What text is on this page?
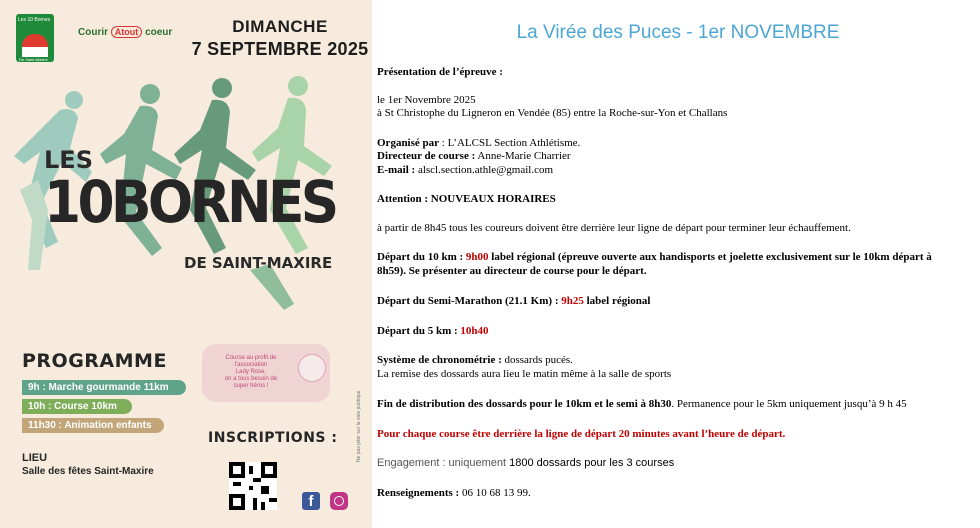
Les 10 Bornes
De Saint-Maxire
Courir Atout coeur	DIMANCHE
7 SEPTEMBRE 2025
LES
10BORNES
DE SAINT-MAXIRE
Course au profit de
l'association
Lady Rose,
on a tous besoin de
super héros !
PROGRAMME
9h : Marche gourmande 11km
10h : Course 10km
11h30 : Animation enfants
LIEU
Salle des fêtes Saint-Maxire
INSCRIPTIONS :
f
Ne pas jeter sur la voie publique
La Virée des Puces - 1er NOVEMBRE
Présentation de l’épreuve :
le 1er Novembre 2025
à St Christophe du Ligneron en Vendée (85) entre la Roche-sur-Yon et Challans
Organisé par : L’ALCSL Section Athlétisme.
Directeur de course : Anne-Marie Charrier
E-mail : alscl.section.athle@gmail.com
Attention : NOUVEAUX HORAIRES
à partir de 8h45 tous les coureurs doivent être derrière leur ligne de départ pour terminer leur échauffement.
Départ du 10 km : 9h00 label régional (épreuve ouverte aux handisports et joelette exclusivement sur le 10km départ à
8h59). Se présenter au directeur de course pour le départ.
Départ du Semi-Marathon (21.1 Km) : 9h25 label régional
Départ du 5 km : 10h40
Système de chronométrie : dossards pucés.
La remise des dossards aura lieu le matin même à la salle de sports
Fin de distribution des dossards pour le 10km et le semi à 8h30. Permanence pour le 5km uniquement jusqu’à 9 h 45
Pour chaque course être derrière la ligne de départ 20 minutes avant l’heure de départ.
Engagement : uniquement 1800 dossards pour les 3 courses
Renseignements : 06 10 68 13 99.
